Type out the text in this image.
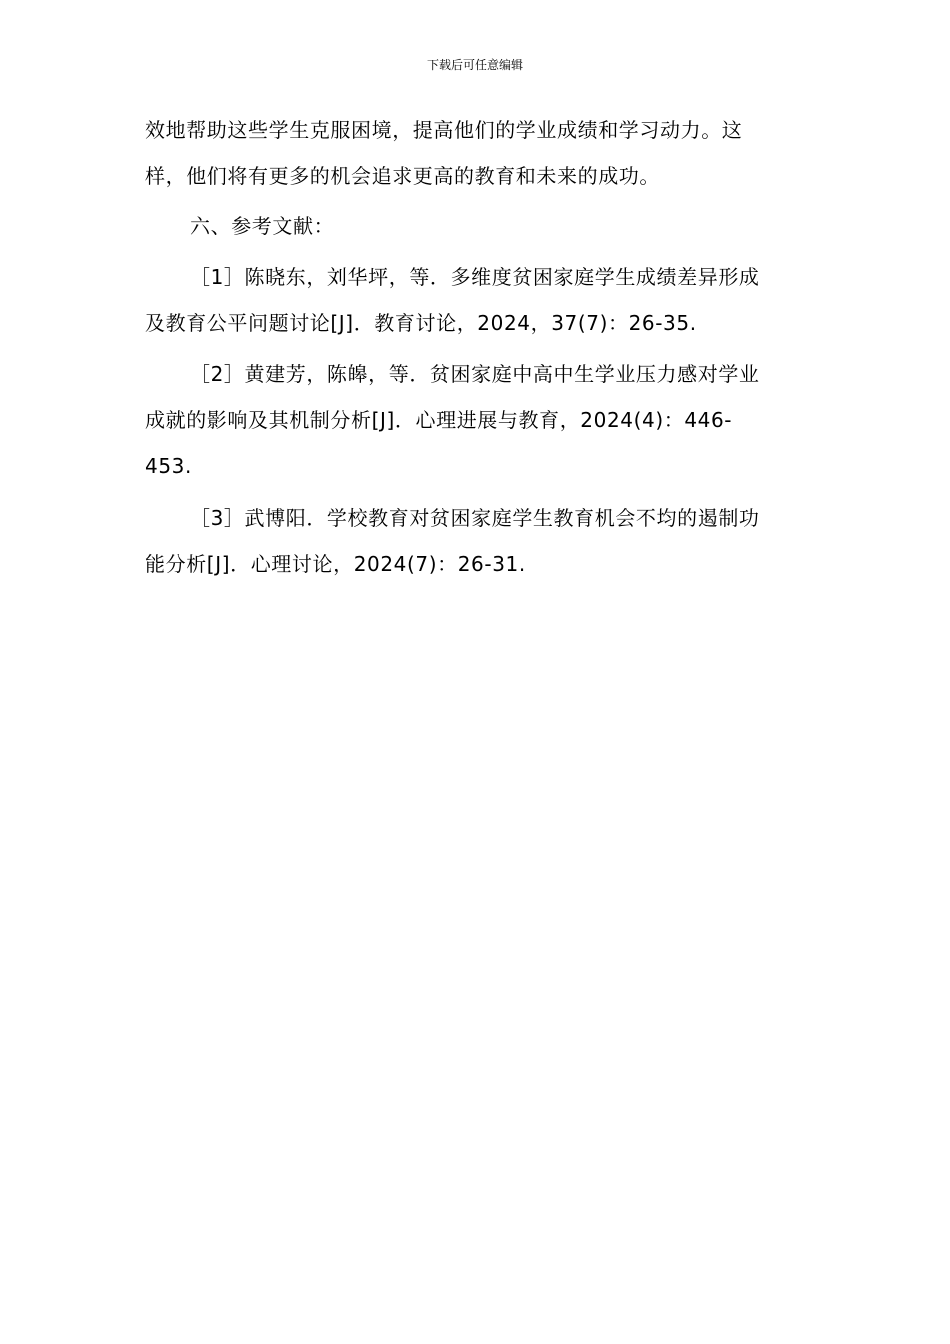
下载后可任意编辑
效地帮助这些学生克服困境，提高他们的学业成绩和学习动力。这
样，他们将有更多的机会追求更高的教育和未来的成功。
六、参考文献：
［1］陈晓东，刘华坪，等．多维度贫困家庭学生成绩差异形成
及教育公平问题讨论[J]．教育讨论，2024，37(7)：26-35.
［2］黄建芳，陈皞，等．贫困家庭中高中生学业压力感对学业
成就的影响及其机制分析[J]．心理进展与教育，2024(4)：446-
453.
［3］武博阳．学校教育对贫困家庭学生教育机会不均的遏制功
能分析[J]．心理讨论，2024(7)：26-31.
